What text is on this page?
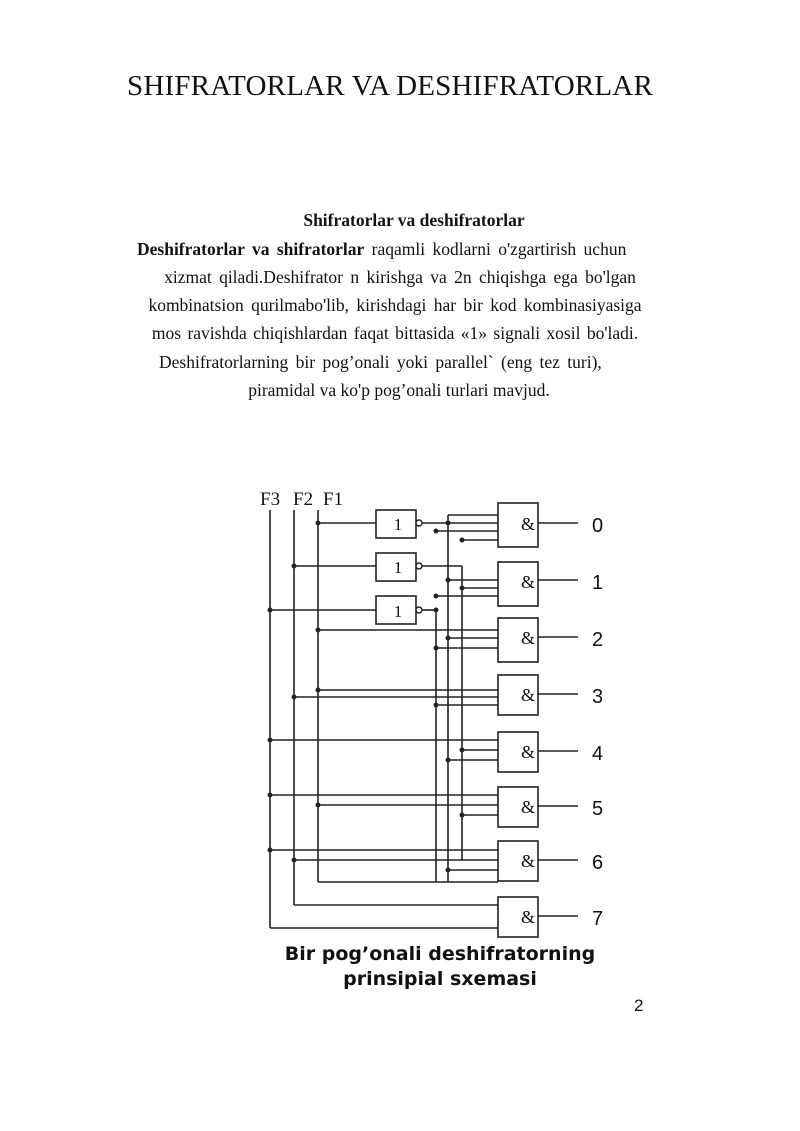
SHIFRATORLAR VA DESHIFRATORLAR
Shifratorlar va deshifratorlar
Deshifratorlar va shifratorlar raqamli kodlarni o'zgartirish uchun
xizmat qiladi.Deshifrator n kirishga va 2n chiqishga ega bo'lgan
kombinatsion qurilmabo'lib, kirishdagi har bir kod kombinasiyasiga
mos ravishda chiqishlardan faqat bittasida «1» signali xosil bo'ladi.
Deshifratorlarning bir pog’onali yoki parallel` (eng tez turi),
piramidal va ko'p pog’onali turlari mavjud.
1
1
1
&
&
&
&
&
&
&
&
F3 F2 F1
0
1
2
3
4
5
6
7
Bir pog’onali deshifratorning
prinsipial sxemasi
2
